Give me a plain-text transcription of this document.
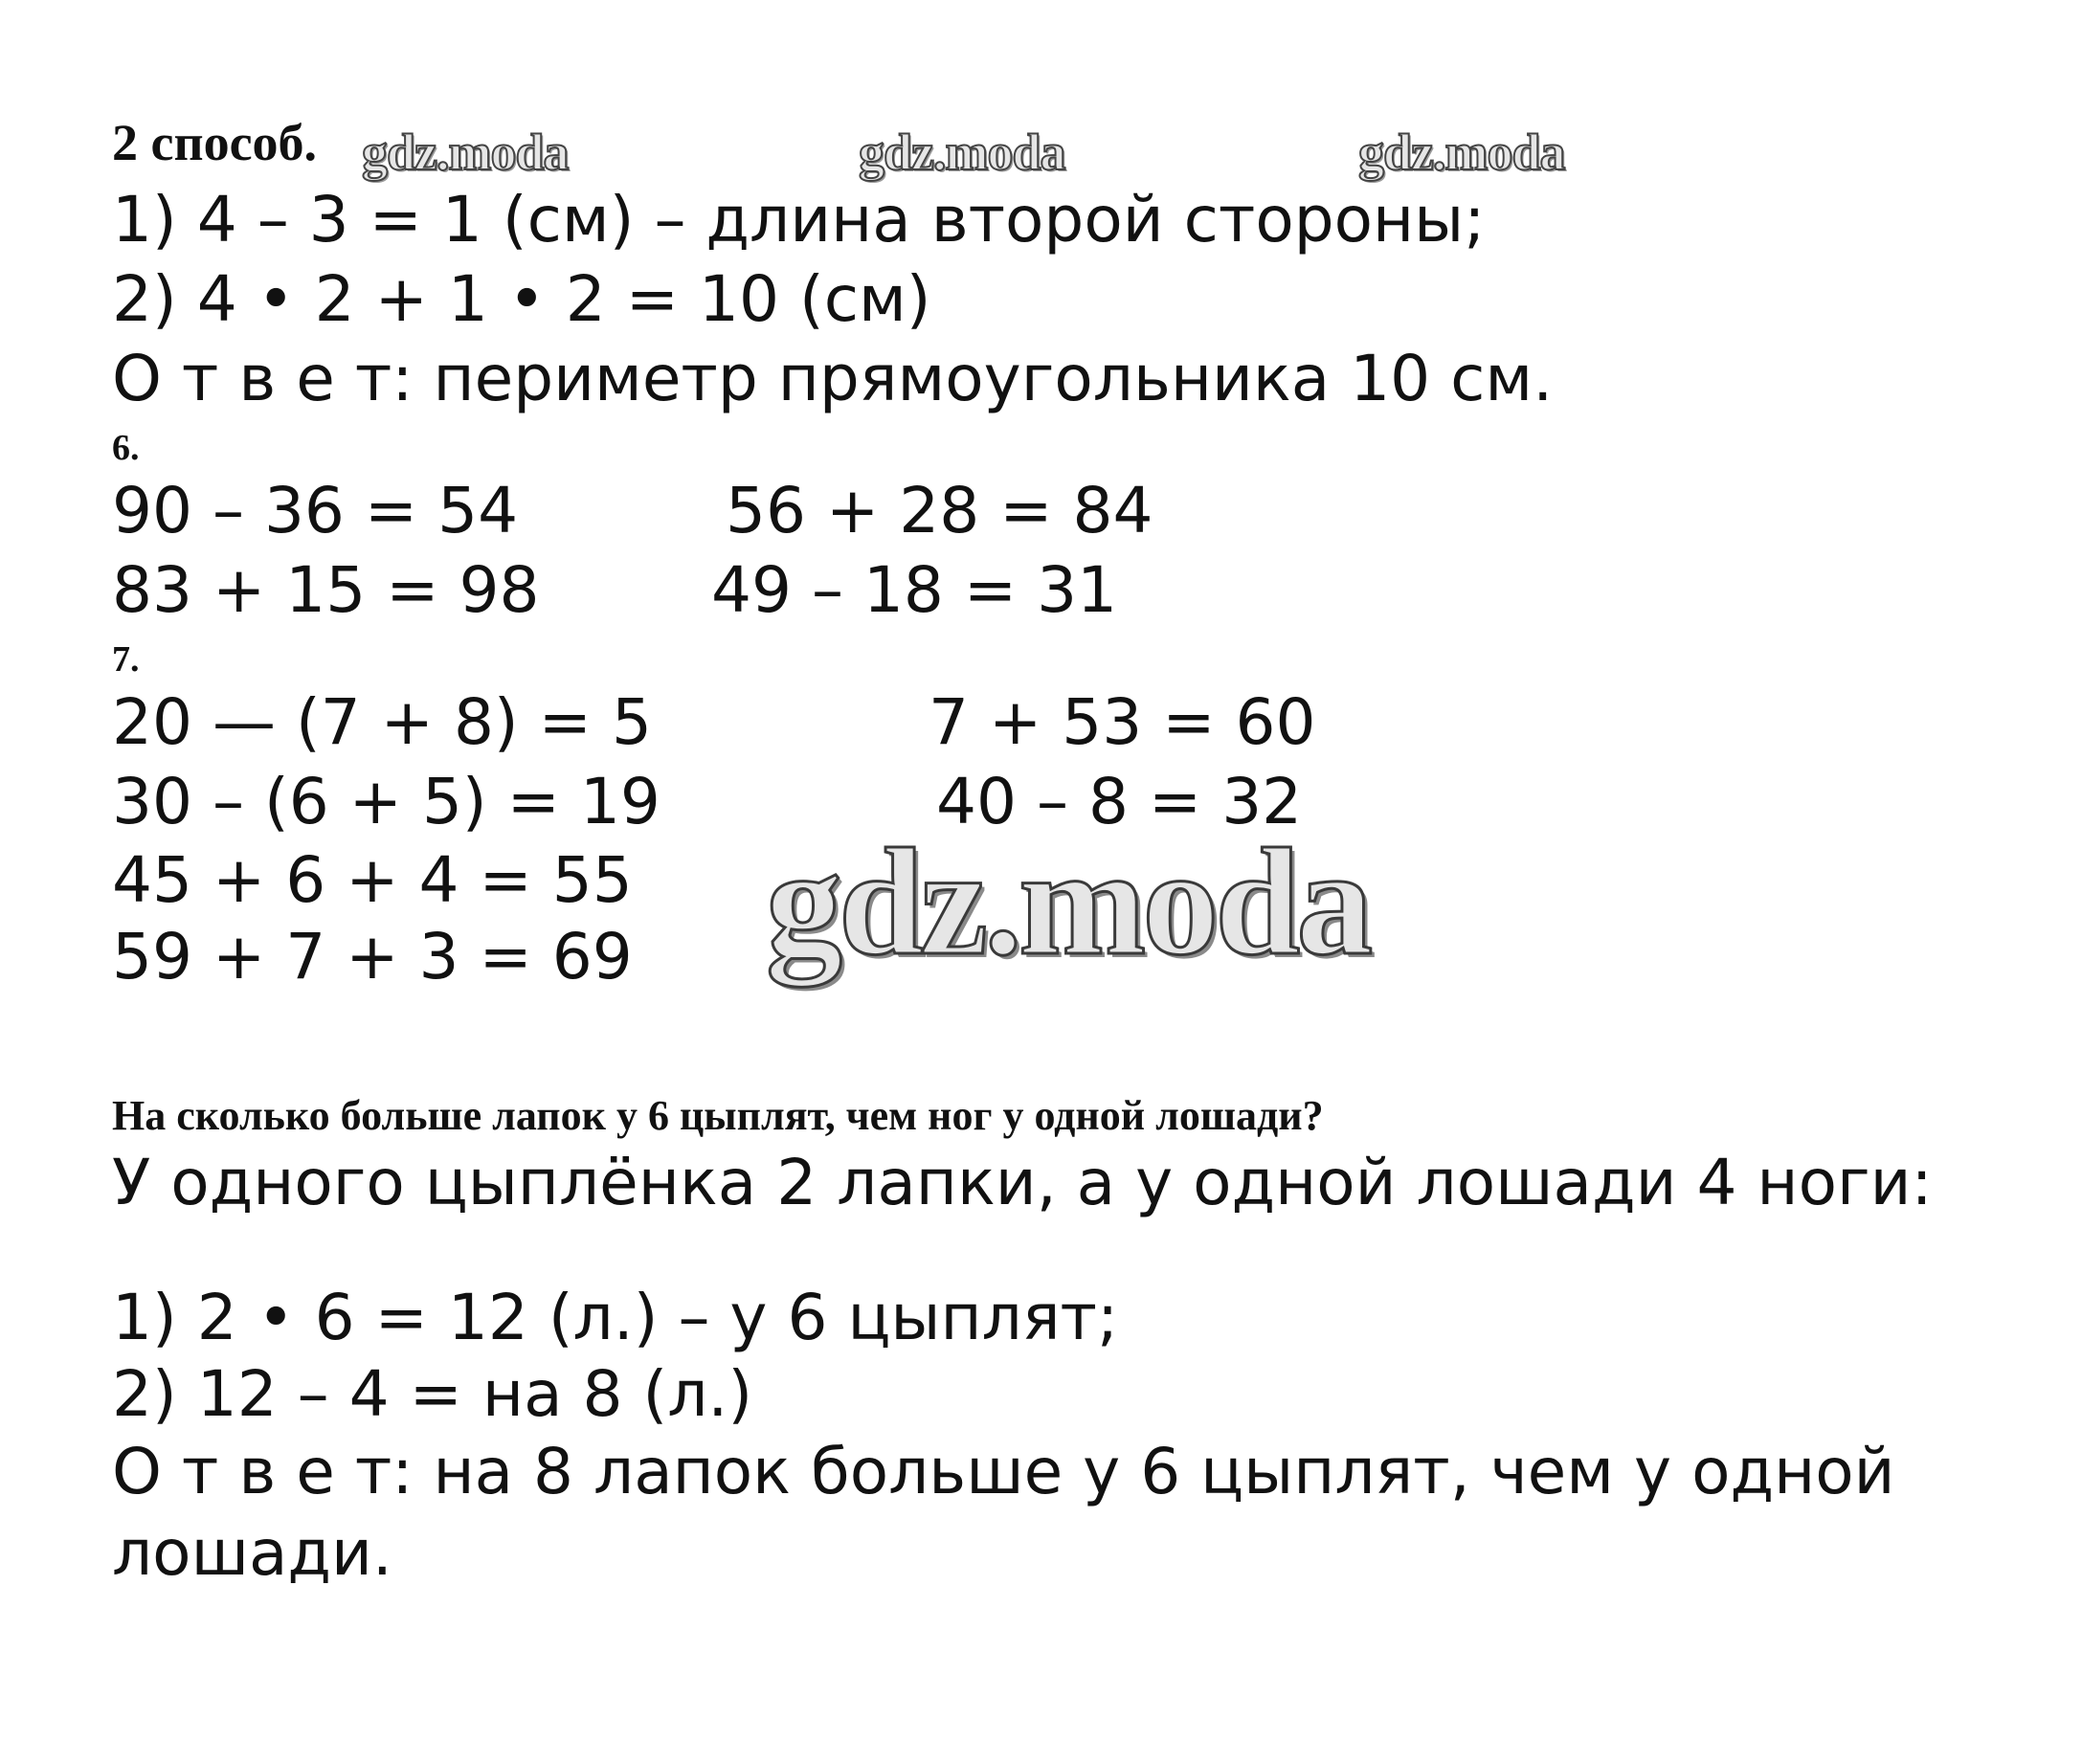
2 способ. gdz.moda	gdz.moda	gdz.moda
1) 4 – 3 = 1 (см) – длина второй стороны;
2) 4 • 2 + 1 • 2 = 10 (см)
О т в е т: периметр прямоугольника 10 см.
6.
90 – 36 = 54	56 + 28 = 84
83 + 15 = 98	49 – 18 = 31
7.
20 — (7 + 8) = 5	7 + 53 = 60
30 – (6 + 5) = 19	40 – 8 = 32
45 + 6 + 4 = 55
59 + 7 + 3 = 69 gdz.moda
На сколько больше лапок у 6 цыплят, чем ног у одной лошади?
У одного цыплёнка 2 лапки, а у одной лошади 4 ноги:
1) 2 • 6 = 12 (л.) – у 6 цыплят;
2) 12 – 4 = на 8 (л.)
О т в е т: на 8 лапок больше у 6 цыплят, чем у одной
лошади.
